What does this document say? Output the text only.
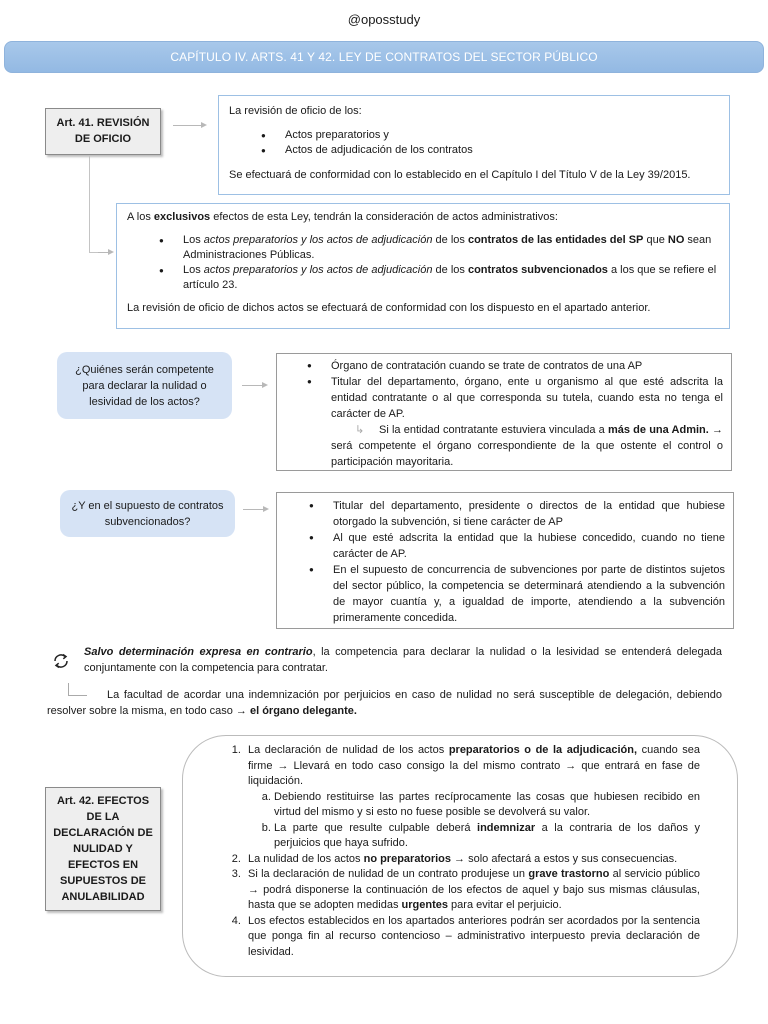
@oposstudy
CAPÍTULO IV. ARTS. 41 Y 42. LEY DE CONTRATOS DEL SECTOR PÚBLICO
Art. 41. REVISIÓN
DE OFICIO

La revisión de oficio de los:

● Actos preparatorios y
● Actos de adjudicación de los contratos

Se efectuará de conformidad con lo establecido en el Capítulo I del Título V de la Ley 39/2015.

A los exclusivos efectos de esta Ley, tendrán la consideración de actos administrativos:

● Los actos preparatorios y los actos de adjudicación de los contratos de las entidades del SP que NO sean Administraciones Públicas.
● Los actos preparatorios y los actos de adjudicación de los contratos subvencionados a los que se refiere el artículo 23.

La revisión de oficio de dichos actos se efectuará de conformidad con los dispuesto en el apartado anterior.

¿Quiénes serán competente para declarar la nulidad o lesividad de los actos?
● Órgano de contratación cuando se trate de contratos de una AP
● Titular del departamento, órgano, ente u organismo al que esté adscrita la entidad contratante o al que corresponda su tutela, cuando esta no tenga el carácter de AP.

↳ Si la entidad contratante estuviera vinculada a más de una Admin. → será competente el órgano correspondiente de la que ostente el control o participación mayoritaria.

¿Y en el supuesto de contratos subvencionados?
● Titular del departamento, presidente o directos de la entidad que hubiese otorgado la subvención, si tiene carácter de AP
● Al que esté adscrita la entidad que la hubiese concedido, cuando no tiene carácter de AP.
● En el supuesto de concurrencia de subvenciones por parte de distintos sujetos del sector público, la competencia se determinará atendiendo a la subvención de mayor cuantía y, a igualdad de importe, atendiendo a la subvención primeramente concedida.
Salvo determinación expresa en contrario, la competencia para declarar la nulidad o la lesividad se entenderá delegada conjuntamente con la competencia para contratar.
La facultad de acordar una indemnización por perjuicios en caso de nulidad no será susceptible de delegación, debiendo resolver sobre la misma, en todo caso → el órgano delegante.
Art. 42. EFECTOS
DE LA
DECLARACIÓN DE
NULIDAD Y
EFECTOS EN
SUPUESTOS DE
ANULABILIDAD
1. La declaración de nulidad de los actos preparatorios o de la adjudicación, cuando sea firme → Llevará en todo caso consigo la del mismo contrato → que entrará en fase de liquidación.
a. Debiendo restituirse las partes recíprocamente las cosas que hubiesen recibido en virtud del mismo y si esto no fuese posible se devolverá su valor.
b. La parte que resulte culpable deberá indemnizar a la contraria de los daños y perjuicios que haya sufrido.
2. La nulidad de los actos no preparatorios → solo afectará a estos y sus consecuencias.
3. Si la declaración de nulidad de un contrato produjese un grave trastorno al servicio público → podrá disponerse la continuación de los efectos de aquel y bajo sus mismas cláusulas, hasta que se adopten medidas urgentes para evitar el perjuicio.
4. Los efectos establecidos en los apartados anteriores podrán ser acordados por la sentencia que ponga fin al recurso contencioso – administrativo interpuesto previa declaración de lesividad.
